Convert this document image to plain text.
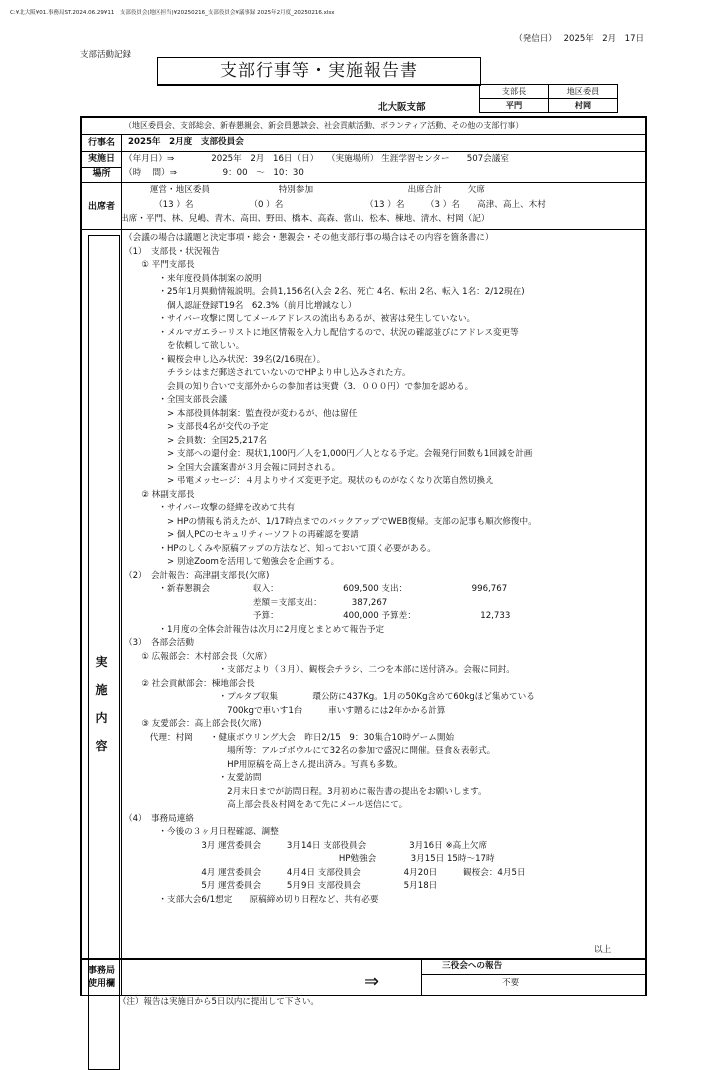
C:¥北大阪¥01.事務局ST.2024.06.29¥11　支部役員会(地区担当)¥20250216_支部役員会¥議事録 2025年2月度_20250216.xlsx
（発信日）　 2025年　2月　17日
支部活動記録
支部行事等・実施報告書
支部長	地区委員
平門	村岡
北大阪支部
（地区委員会、支部総会、新春懇親会、新会員懇談会、社会貢献活動、ボランティア活動、その他の支部行事）
行事名	2025年　2月度　支部役員会
実施日
場所
（年月日）⇒　　　　 2025年　2月　16日（日）　　（実施場所） 生涯学習センター　　507会議室
（時　 間）⇒　　　　　 9：00　～　10：30
出席者
　　　運営・地区委員　　　　　　　　特別参加　　　　　　　　　　　出席合計　　　欠席
　　　　（13 ）名　　　　　　　（0 ）名　　　　　　　　　　（13 ）名　　　（3 ）名　　高津、高上、木村
出席・平門、林、兒嶋、青木、高田、野田、橋本、高森、當山、松本、棟地、清水、村岡（記）
実
施
内
容
（会議の場合は議題と決定事項・総会・懇親会・その他支部行事の場合はその内容を箇条書に）
（1）　支部長・状況報告
　　① 平門支部長
　　　　・来年度役員体制案の説明
　　　　・25年1月異動情報説明。会員1,156名(入会 2名、死亡 4名、転出 2名、転入 1名：2/12現在)
　　　　　個人認証登録T19名　62.3%（前月比増減なし）
　　　　・サイバー攻撃に関してメールアドレスの流出もあるが、被害は発生していない。
　　　　・メルマガエラーリストに地区情報を入力し配信するので、状況の確認並びにアドレス変更等
　　　　　を依頼して欲しい。
　　　　・観桜会申し込み状況：39名(2/16現在）。
　　　　　チラシはまだ郵送されていないのでHPより申し込みされた方。
　　　　　会員の知り合いで支部外からの参加者は実費（3．０００円）で参加を認める。
　　　　・全国支部長会議
　　　　　> 本部役員体制案：監査役が変わるが、他は留任
　　　　　> 支部長4名が交代の予定
　　　　　> 会員数：全国25,217名
　　　　　> 支部への還付金：現状1,100円／人を1,000円／人となる予定。会報発行回数も1回減を計画
　　　　　> 全国大会議案書が３月会報に同封される。
　　　　　> 弔電メッセージ：４月よりサイズ変更予定。現状のものがなくなり次第自然切換え
　　② 林副支部長
　　　　・サイバー攻撃の経緯を改めて共有
　　　　　> HPの情報も消えたが、1/17時点までのバックアップでWEB復帰。支部の記事も順次修復中。
　　　　　> 個人PCのセキュリティーソフトの再確認を要請
　　　　・HPのしくみや原稿アップの方法など、知っておいて頂く必要がある。
　　　　　> 別途Zoomを活用して勉強会を企画する。
（2）　会計報告：高津副支部長(欠席)
　　　　・新春懇親会　　　　　収入：　　　　　　　　609,500 支出：　　　　　　　　996,767
　　　　　　　　　　　　　　　差額＝支部支出：　　　　387,267
　　　　　　　　　　　　　　　予算：　　　　　　　　400,000 予算差：　　　　　　　　12,733
　　　　・1月度の全体会計報告は次月に2月度とまとめて報告予定
（3）　各部会活動
　　① 広報部会：木村部会長（欠席）
　　　　　　　　　　　・支部だより（３月）、観桜会チラシ、二つを本部に送付済み。会報に同封。
　　② 社会貢献部会：棟地部会長
　　　　　　　　　　　・プルタブ収集　　　　環公防に437Kg。1月の50Kg含めて60kgほど集めている
　　　　　　　　　　　　700kgで車いす1台　　　車いす贈るには2年かかる計算
　　③ 友愛部会：高上部会長(欠席)
　　　代理：村岡　　・健康ボウリング大会　昨日2/15　9：30集合10時ゲーム開始
　　　　　　　　　　　　場所等：アルゴボウルにて32名の参加で盛況に開催。昼食＆表彰式。
　　　　　　　　　　　　HP用原稿を高上さん提出済み。写真も多数。
　　　　　　　　　　　・友愛訪問
　　　　　　　　　　　　2月末日までが訪問日程。3月初めに報告書の提出をお願いします。
　　　　　　　　　　　　高上部会長＆村岡をあて先にメール送信にて。
（4）　事務局連絡
　　　　・今後の３ヶ月日程確認、調整
　　　　　　　　　3月 運営委員会　　　3月14日 支部役員会　　　　　3月16日 ※高上欠席
　　　　　　　　　　　　　　　　　　　　　　　　　HP勉強会　　　　3月15日 15時～17時
　　　　　　　　　4月 運営委員会　　　4月4日 支部役員会　　　　　4月20日　　　観桜会：4月5日
　　　　　　　　　5月 運営委員会　　　5月9日 支部役員会　　　　　5月18日
　　　　・支部大会6/1想定　　原稿締め切り日程など、共有必要
以上
事務局
使用欄
三役会への報告
不要
⇒
（注）報告は実施日から5日以内に提出して下さい。
